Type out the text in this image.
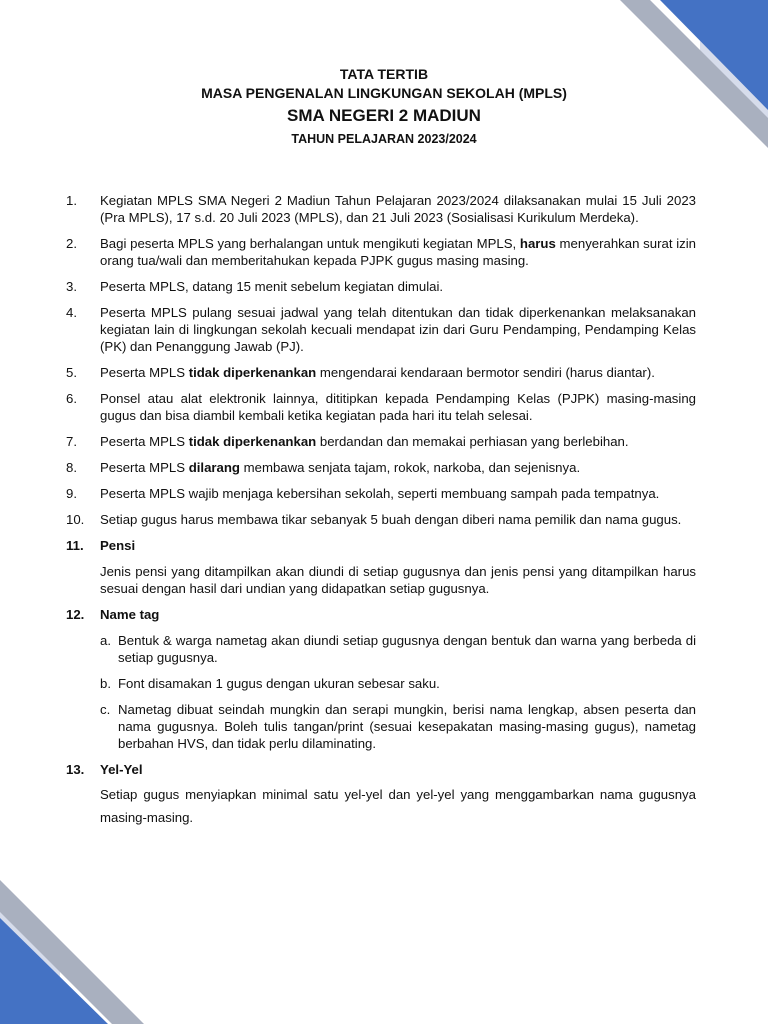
TATA TERTIB
MASA PENGENALAN LINGKUNGAN SEKOLAH (MPLS)
SMA NEGERI 2 MADIUN
TAHUN PELAJARAN 2023/2024
1.	Kegiatan MPLS SMA Negeri 2 Madiun Tahun Pelajaran 2023/2024 dilaksanakan mulai 15 Juli 2023 (Pra MPLS), 17 s.d. 20 Juli 2023 (MPLS), dan 21 Juli 2023 (Sosialisasi Kurikulum Merdeka).
2.	Bagi peserta MPLS yang berhalangan untuk mengikuti kegiatan MPLS, harus menyerahkan surat izin orang tua/wali dan memberitahukan kepada PJPK gugus masing masing.
3.	Peserta MPLS, datang 15 menit sebelum kegiatan dimulai.
4.	Peserta MPLS pulang sesuai jadwal yang telah ditentukan dan tidak diperkenankan melaksanakan kegiatan lain di lingkungan sekolah kecuali mendapat izin dari Guru Pendamping, Pendamping Kelas (PK) dan Penanggung Jawab (PJ).
5.	Peserta MPLS tidak diperkenankan mengendarai kendaraan bermotor sendiri (harus diantar).
6.	Ponsel atau alat elektronik lainnya, dititipkan kepada Pendamping Kelas (PJPK) masing-masing gugus dan bisa diambil kembali ketika kegiatan pada hari itu telah selesai.
7.	Peserta MPLS tidak diperkenankan berdandan dan memakai perhiasan yang berlebihan.
8.	Peserta MPLS dilarang membawa senjata tajam, rokok, narkoba, dan sejenisnya.
9.	Peserta MPLS wajib menjaga kebersihan sekolah, seperti membuang sampah pada tempatnya.
10.	Setiap gugus harus membawa tikar sebanyak 5 buah dengan diberi nama pemilik dan nama gugus.
11.	Pensi
Jenis pensi yang ditampilkan akan diundi di setiap gugusnya dan jenis pensi yang ditampilkan harus sesuai dengan hasil dari undian yang didapatkan setiap gugusnya.
12.	Name tag
a. Bentuk & warga nametag akan diundi setiap gugusnya dengan bentuk dan warna yang berbeda di setiap gugusnya.
b. Font disamakan 1 gugus dengan ukuran sebesar saku.
c. Nametag dibuat seindah mungkin dan serapi mungkin, berisi nama lengkap, absen peserta dan nama gugusnya. Boleh tulis tangan/print (sesuai kesepakatan masing-masing gugus), nametag berbahan HVS, dan tidak perlu dilaminating.
13.	Yel-Yel
Setiap gugus menyiapkan minimal satu yel-yel dan yel-yel yang menggambarkan nama gugusnya masing-masing.
